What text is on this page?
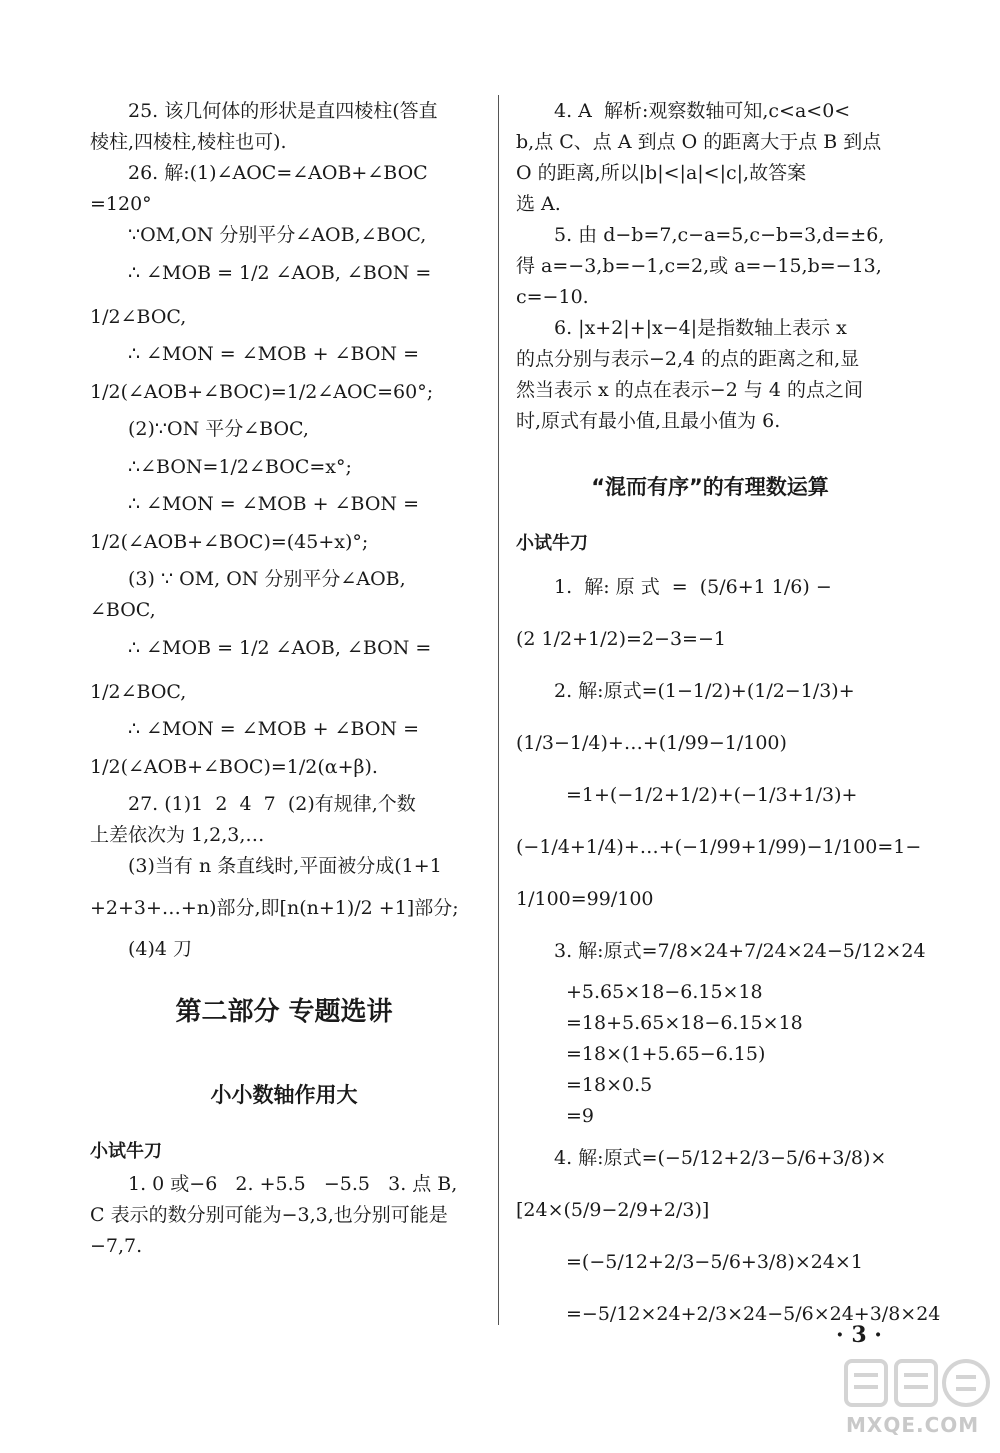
25. 该几何体的形状是直四棱柱(答直
棱柱,四棱柱,棱柱也可).
26. 解:(1)∠AOC=∠AOB+∠BOC
=120°
∵OM,ON 分别平分∠AOB,∠BOC,
∴ ∠MOB = 1/2 ∠AOB, ∠BON =
1/2∠BOC,
∴ ∠MON = ∠MOB + ∠BON =
1/2(∠AOB+∠BOC)=1/2∠AOC=60°;
(2)∵ON 平分∠BOC,
∴∠BON=1/2∠BOC=x°;
∴ ∠MON = ∠MOB + ∠BON =
1/2(∠AOB+∠BOC)=(45+x)°;
(3) ∵ OM, ON 分别平分∠AOB,
∠BOC,
∴ ∠MOB = 1/2 ∠AOB, ∠BON =
1/2∠BOC,
∴ ∠MON = ∠MOB + ∠BON =
1/2(∠AOB+∠BOC)=1/2(α+β).
27. (1)1  2  4  7  (2)有规律,个数
上差依次为 1,2,3,…
(3)当有 n 条直线时,平面被分成(1+1
+2+3+…+n)部分,即[n(n+1)/2 +1]部分;
(4)4 刀
第二部分 专题选讲
小小数轴作用大
小试牛刀
1. 0 或−6   2. +5.5   −5.5   3. 点 B,
C 表示的数分别可能为−3,3,也分别可能是
−7,7.
4. A  解析:观察数轴可知,c<a<0<
b,点 C、点 A 到点 O 的距离大于点 B 到点
O 的距离,所以|b|<|a|<|c|,故答案
选 A.
5. 由 d−b=7,c−a=5,c−b=3,d=±6,
得 a=−3,b=−1,c=2,或 a=−15,b=−13,
c=−10.
6. |x+2|+|x−4|是指数轴上表示 x
的点分别与表示−2,4 的点的距离之和,显
然当表示 x 的点在表示−2 与 4 的点之间
时,原式有最小值,且最小值为 6.
“混而有序”的有理数运算
小试牛刀
1.  解: 原 式  =  (5/6+1 1/6) −
(2 1/2+1/2)=2−3=−1
2. 解:原式=(1−1/2)+(1/2−1/3)+
(1/3−1/4)+…+(1/99−1/100)
=1+(−1/2+1/2)+(−1/3+1/3)+
(−1/4+1/4)+…+(−1/99+1/99)−1/100=1−
1/100=99/100
3. 解:原式=7/8×24+7/24×24−5/12×24
+5.65×18−6.15×18
=18+5.65×18−6.15×18
=18×(1+5.65−6.15)
=18×0.5
=9
4. 解:原式=(−5/12+2/3−5/6+3/8)×
[24×(5/9−2/9+2/3)]
=(−5/12+2/3−5/6+3/8)×24×1
=−5/12×24+2/3×24−5/6×24+3/8×24
· 3 ·
MXQE.COM
